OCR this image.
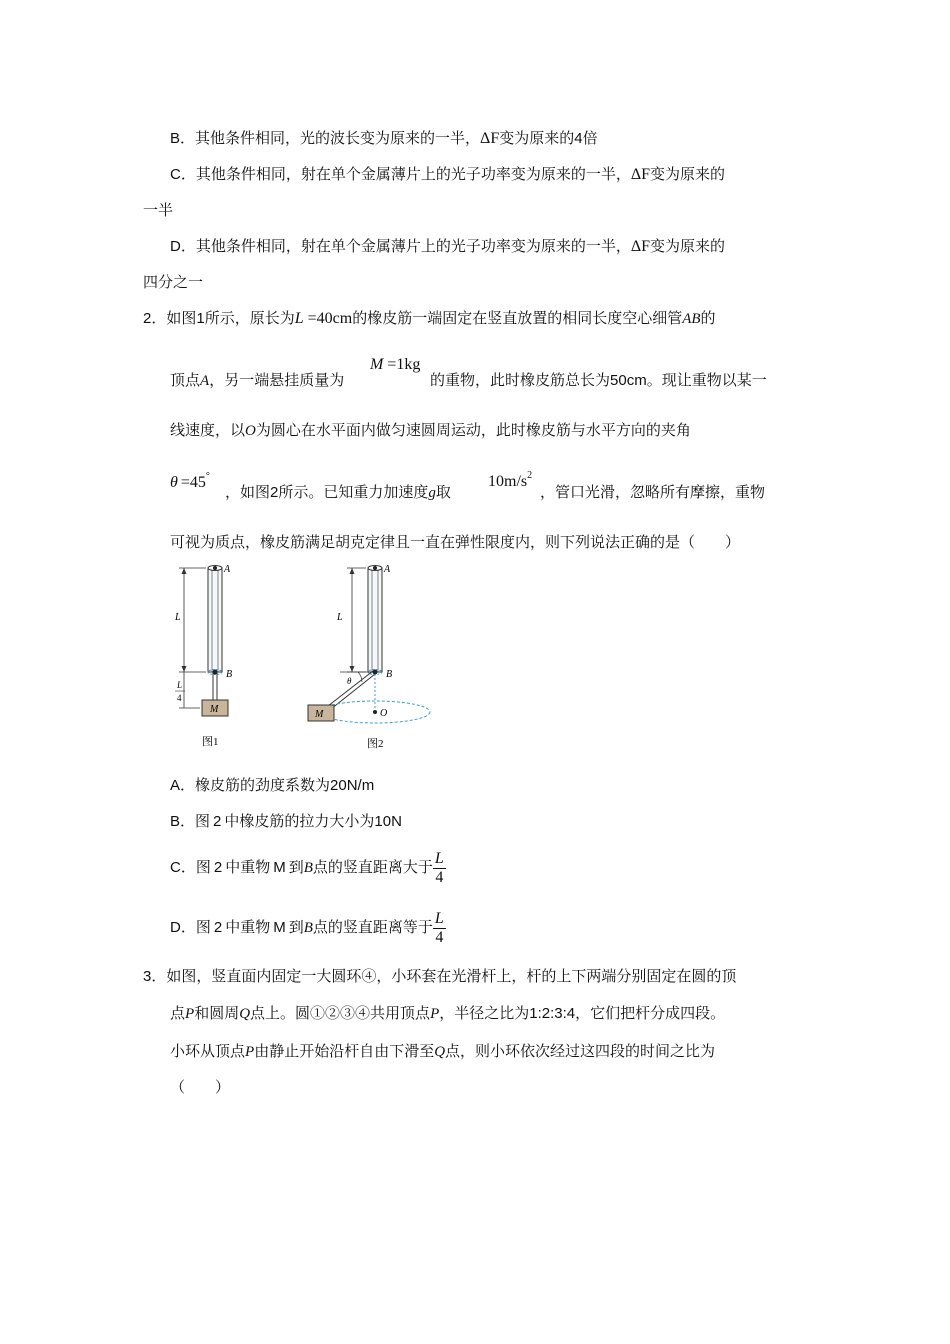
B．其他条件相同，光的波长变为原来的一半，ΔF变为原来的4倍
C．其他条件相同，射在单个金属薄片上的光子功率变为原来的一半，ΔF变为原来的
一半
D．其他条件相同，射在单个金属薄片上的光子功率变为原来的一半，ΔF变为原来的
四分之一
2．如图1所示，原长为L =40cm的橡皮筋一端固定在竖直放置的相同长度空心细管AB的
顶点A，另一端悬挂质量为
M =1kg
的重物，此时橡皮筋总长为50cm。现让重物以某一
线速度，以O为圆心在水平面内做匀速圆周运动，此时橡皮筋与水平方向的夹角
θ =45°
，如图2所示。已知重力加速度g取
$10m/s^2$
，管口光滑，忽略所有摩擦，重物
可视为质点，橡皮筋满足胡克定律且一直在弹性限度内，则下列说法正确的是（　　）
A
B
M
L
L
4
图1
A
B
L
θ
O
M
图2
A．橡皮筋的劲度系数为20N/m
B．图 2 中橡皮筋的拉力大小为10N
C．图 2 中重物 M 到B点的竖直距离大于 $\frac{L}{4}$
D．图 2 中重物 M 到B点的竖直距离等于 $\frac{L}{4}$
3．如图，竖直面内固定一大圆环④，小环套在光滑杆上，杆的上下两端分别固定在圆的顶
点P和圆周Q点上。圆①②③④共用顶点P，半径之比为1:2:3:4，它们把杆分成四段。
小环从顶点P由静止开始沿杆自由下滑至Q点，则小环依次经过这四段的时间之比为
（　　）
